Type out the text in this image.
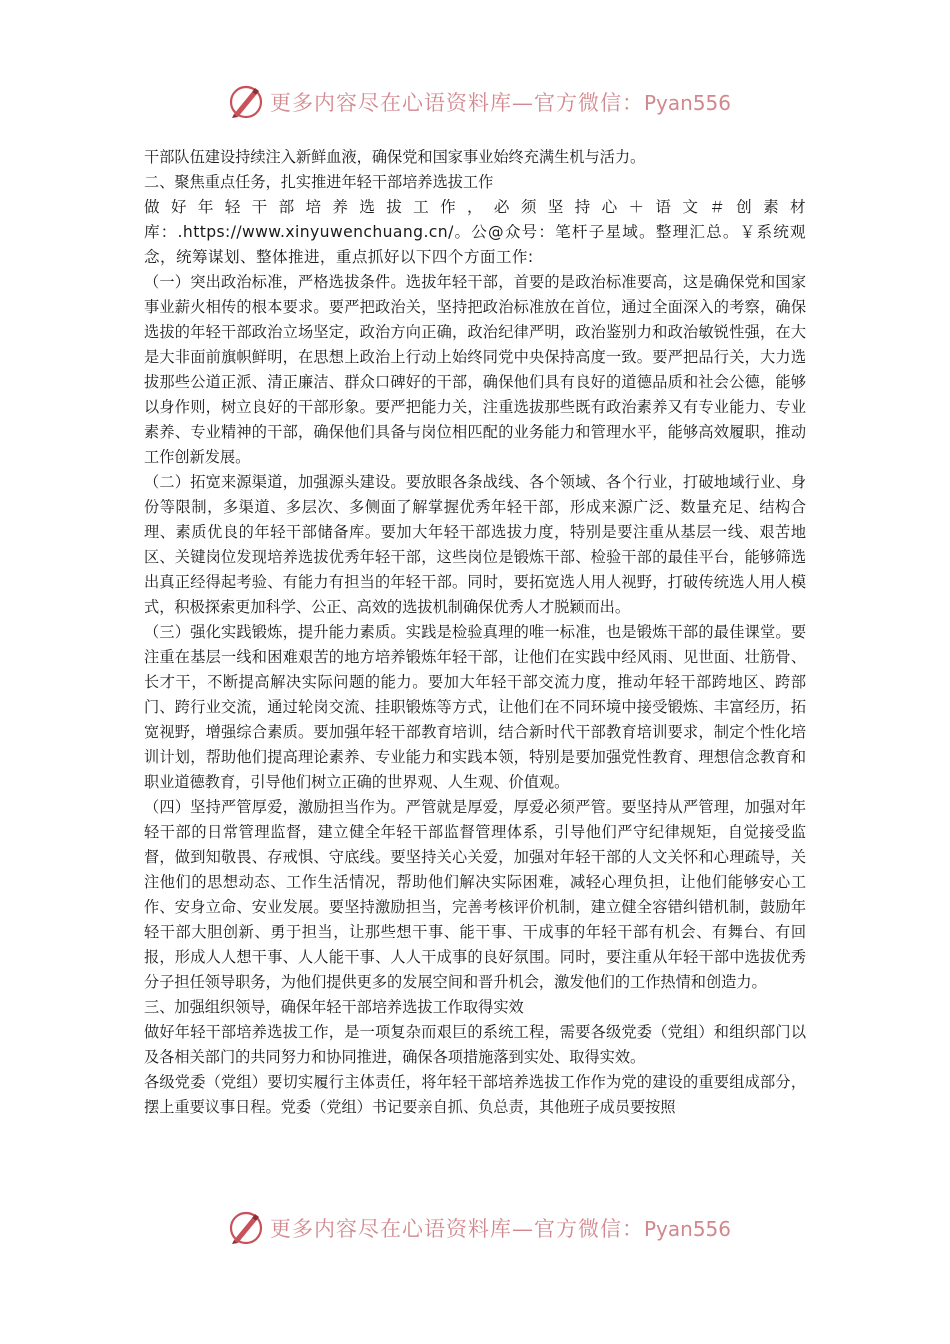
更多内容尽在心语资料库 — 官方微信： Pyan556

干部队伍建设持续注入新鲜血液，确保党和国家事业始终充满生机与活力。

二、聚焦重点任务，扎实推进年轻干部培养选拔工作

做好年轻干部培养选拔工作，必须坚持心＋语文＃创素材库：.https://www.xinyuwenchuang.cn/。公@众号：笔杆子星域。整理汇总。￥系统观念，统筹谋划、整体推进，重点抓好以下四个方面工作:

（一）突出政治标准，严格选拔条件。选拔年轻干部，首要的是政治标准要高，这是确保党和国家事业薪火相传的根本要求。要严把政治关，坚持把政治标准放在首位，通过全面深入的考察，确保选拔的年轻干部政治立场坚定，政治方向正确，政治纪律严明，政治鉴别力和政治敏锐性强，在大是大非面前旗帜鲜明，在思想上政治上行动上始终同党中央保持高度一致。要严把品行关，大力选拔那些公道正派、清正廉洁、群众口碑好的干部，确保他们具有良好的道德品质和社会公德，能够以身作则，树立良好的干部形象。要严把能力关，注重选拔那些既有政治素养又有专业能力、专业素养、专业精神的干部，确保他们具备与岗位相匹配的业务能力和管理水平，能够高效履职，推动工作创新发展。

（二）拓宽来源渠道，加强源头建设。要放眼各条战线、各个领域、各个行业，打破地域行业、身份等限制，多渠道、多层次、多侧面了解掌握优秀年轻干部，形成来源广泛、数量充足、结构合理、素质优良的年轻干部储备库。要加大年轻干部选拔力度，特别是要注重从基层一线、艰苦地区、关键岗位发现培养选拔优秀年轻干部，这些岗位是锻炼干部、检验干部的最佳平台，能够筛选出真正经得起考验、有能力有担当的年轻干部。同时，要拓宽选人用人视野，打破传统选人用人模式，积极探索更加科学、公正、高效的选拔机制确保优秀人才脱颖而出。

（三）强化实践锻炼，提升能力素质。实践是检验真理的唯一标准，也是锻炼干部的最佳课堂。要注重在基层一线和困难艰苦的地方培养锻炼年轻干部，让他们在实践中经风雨、见世面、壮筋骨、长才干，不断提高解决实际问题的能力。要加大年轻干部交流力度，推动年轻干部跨地区、跨部门、跨行业交流，通过轮岗交流、挂职锻炼等方式，让他们在不同环境中接受锻炼、丰富经历，拓宽视野，增强综合素质。要加强年轻干部教育培训，结合新时代干部教育培训要求，制定个性化培训计划，帮助他们提高理论素养、专业能力和实践本领，特别是要加强党性教育、理想信念教育和职业道德教育，引导他们树立正确的世界观、人生观、价值观。

（四）坚持严管厚爱，激励担当作为。严管就是厚爱，厚爱必须严管。要坚持从严管理，加强对年轻干部的日常管理监督，建立健全年轻干部监督管理体系，引导他们严守纪律规矩，自觉接受监督，做到知敬畏、存戒惧、守底线。要坚持关心关爱，加强对年轻干部的人文关怀和心理疏导，关注他们的思想动态、工作生活情况，帮助他们解决实际困难，减轻心理负担，让他们能够安心工作、安身立命、安业发展。要坚持激励担当，完善考核评价机制，建立健全容错纠错机制，鼓励年轻干部大胆创新、勇于担当，让那些想干事、能干事、干成事的年轻干部有机会、有舞台、有回报，形成人人想干事、人人能干事、人人干成事的良好氛围。同时，要注重从年轻干部中选拔优秀分子担任领导职务，为他们提供更多的发展空间和晋升机会，激发他们的工作热情和创造力。

三、加强组织领导，确保年轻干部培养选拔工作取得实效

做好年轻干部培养选拔工作，是一项复杂而艰巨的系统工程，需要各级党委（党组）和组织部门以及各相关部门的共同努力和协同推进，确保各项措施落到实处、取得实效。

各级党委（党组）要切实履行主体责任，将年轻干部培养选拔工作作为党的建设的重要组成部分，摆上重要议事日程。党委（党组）书记要亲自抓、负总责，其他班子成员要按照

更多内容尽在心语资料库 — 官方微信： Pyan556
